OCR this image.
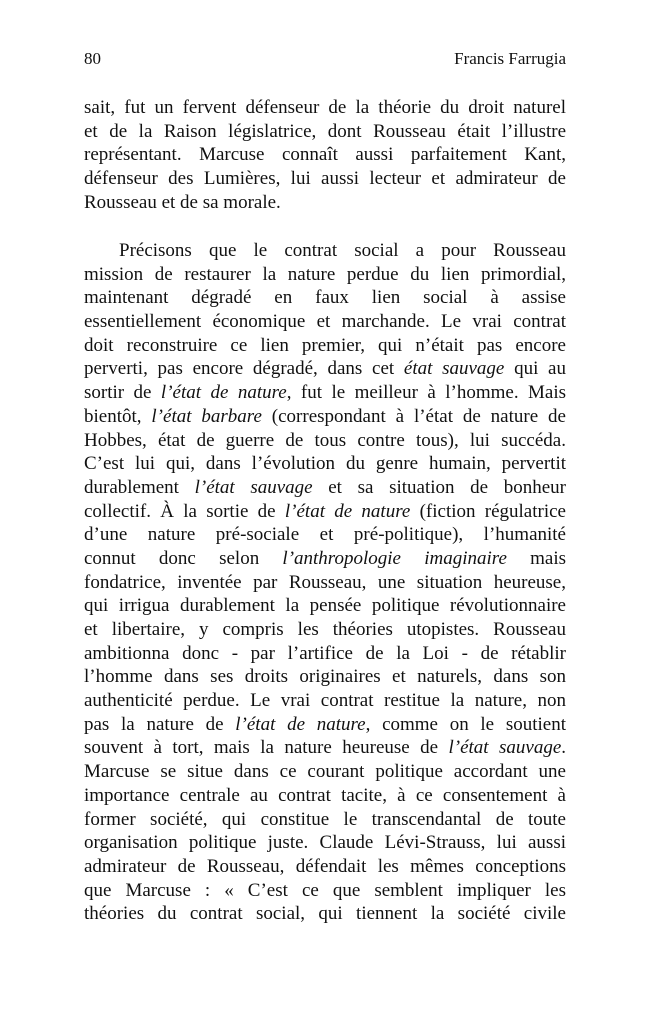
80	Francis Farrugia
sait, fut un fervent défenseur de la théorie du droit naturel
et de la Raison législatrice, dont Rousseau était l’illustre
représentant. Marcuse connaît aussi parfaitement Kant,
défenseur des Lumières, lui aussi lecteur et admirateur de
Rousseau et de sa morale.
Précisons que le contrat social a pour Rousseau
mission de restaurer la nature perdue du lien primordial,
maintenant dégradé en faux lien social à assise
essentiellement économique et marchande. Le vrai contrat
doit reconstruire ce lien premier, qui n’était pas encore
perverti, pas encore dégradé, dans cet état sauvage qui au
sortir de l’état de nature, fut le meilleur à l’homme. Mais
bientôt, l’état barbare (correspondant à l’état de nature de
Hobbes, état de guerre de tous contre tous), lui succéda.
C’est lui qui, dans l’évolution du genre humain, pervertit
durablement l’état sauvage et sa situation de bonheur
collectif. À la sortie de l’état de nature (fiction régulatrice
d’une nature pré-sociale et pré-politique), l’humanité
connut donc selon l’anthropologie imaginaire mais
fondatrice, inventée par Rousseau, une situation heureuse,
qui irrigua durablement la pensée politique révolutionnaire
et libertaire, y compris les théories utopistes. Rousseau
ambitionna donc - par l’artifice de la Loi - de rétablir
l’homme dans ses droits originaires et naturels, dans son
authenticité perdue. Le vrai contrat restitue la nature, non
pas la nature de l’état de nature, comme on le soutient
souvent à tort, mais la nature heureuse de l’état sauvage.
Marcuse se situe dans ce courant politique accordant une
importance centrale au contrat tacite, à ce consentement à
former société, qui constitue le transcendantal de toute
organisation politique juste. Claude Lévi-Strauss, lui aussi
admirateur de Rousseau, défendait les mêmes conceptions
que Marcuse : « C’est ce que semblent impliquer les
théories du contrat social, qui tiennent la société civile
